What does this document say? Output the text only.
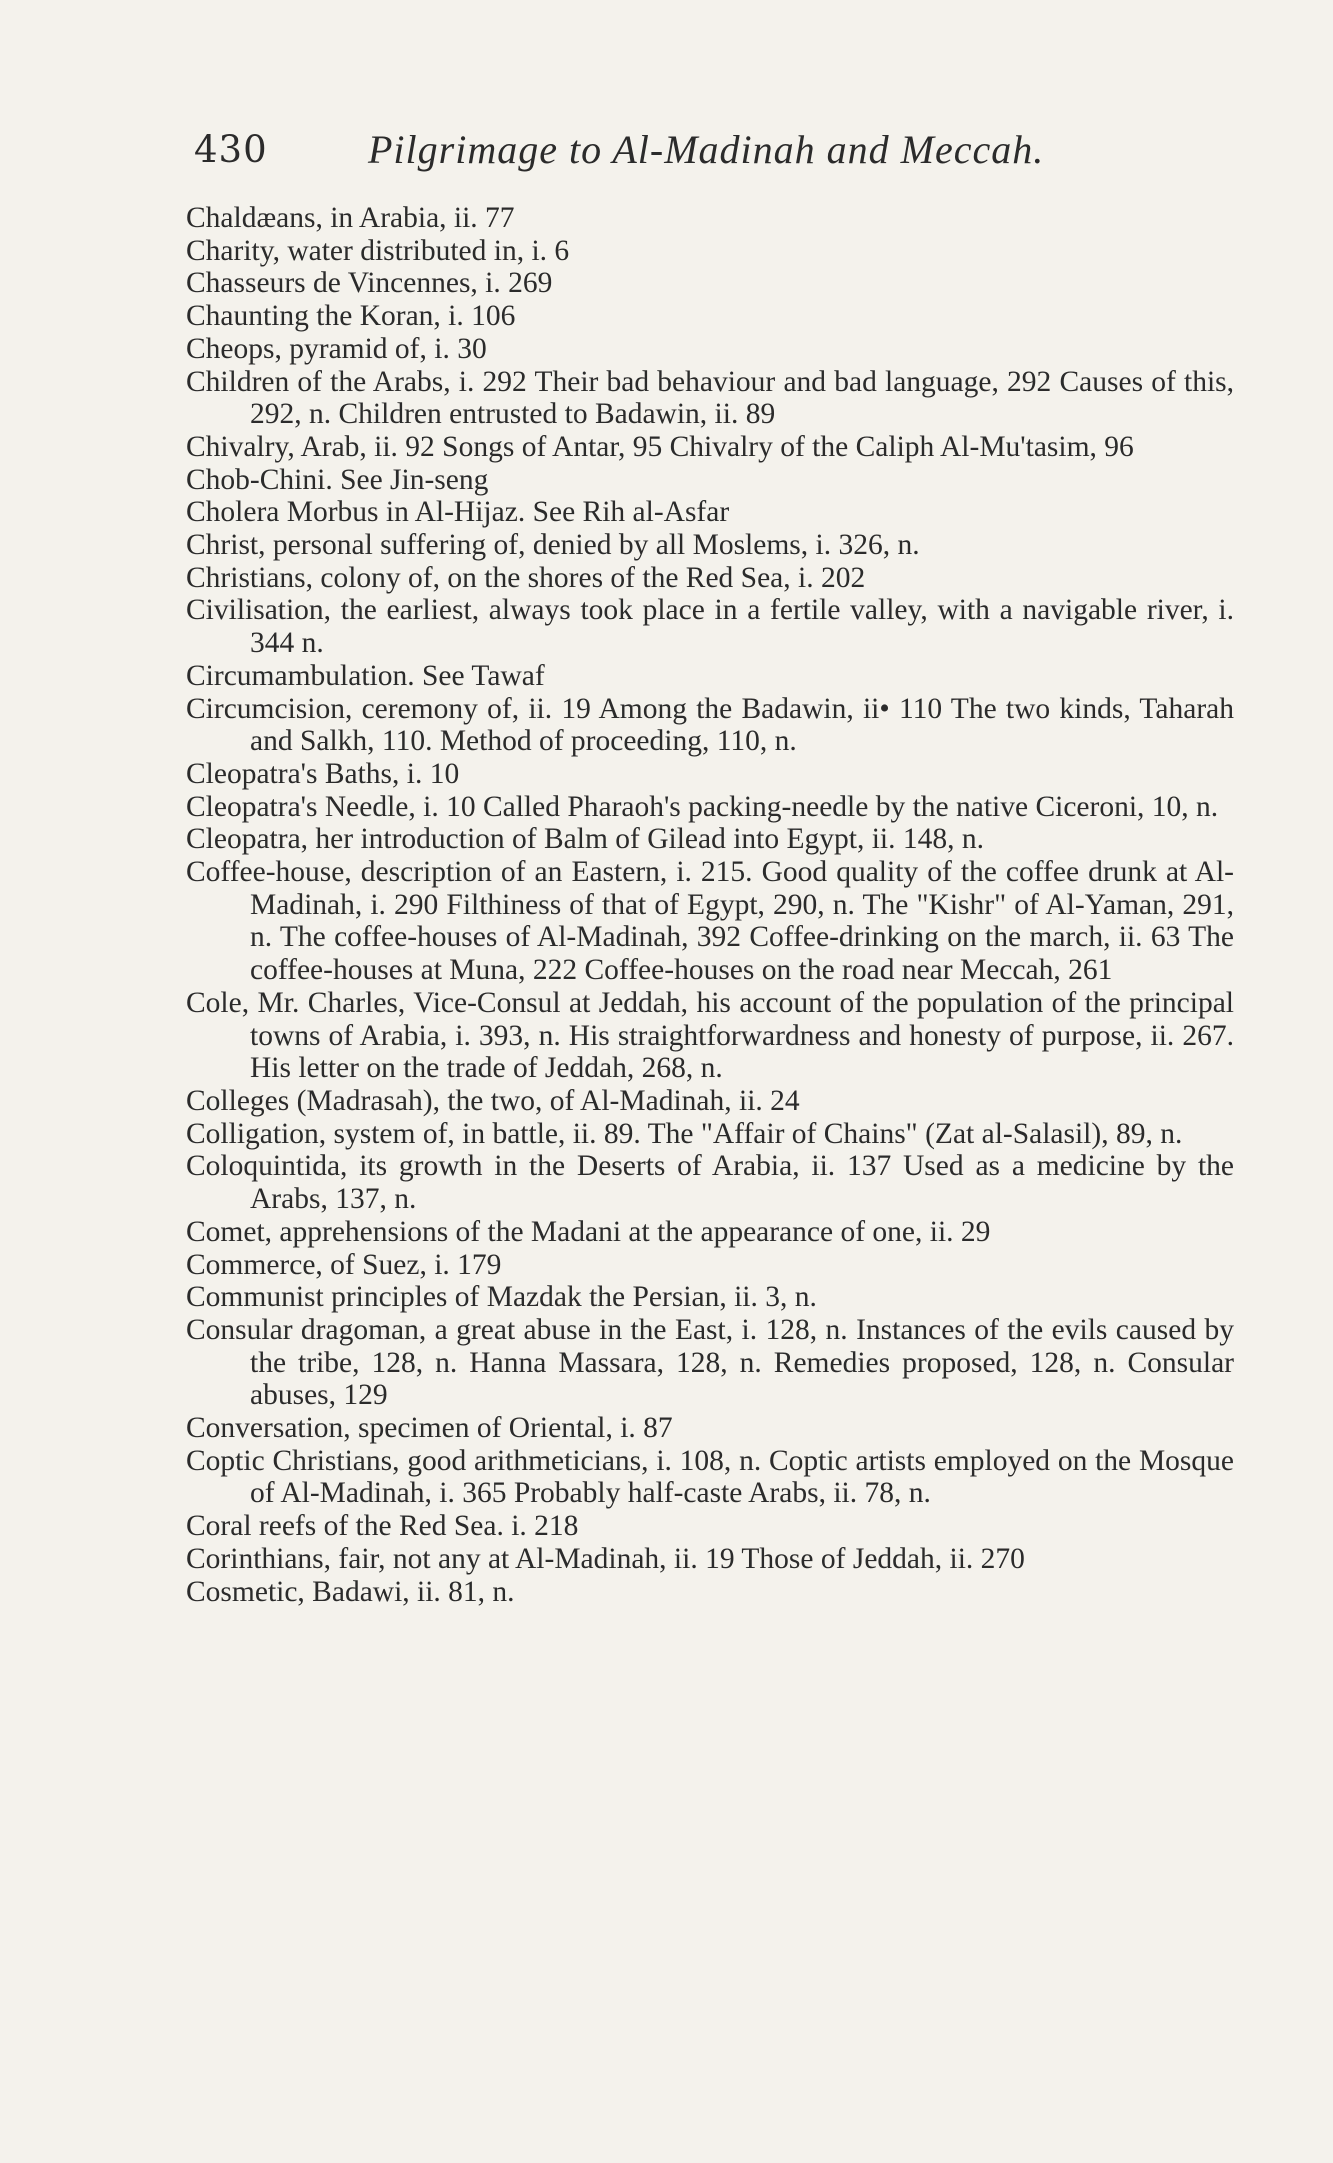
430	Pilgrimage to Al-Madinah and Meccah.
Chaldæans, in Arabia, ii. 77
Charity, water distributed in, i. 6
Chasseurs de Vincennes, i. 269
Chaunting the Koran, i. 106
Cheops, pyramid of, i. 30
Children of the Arabs, i. 292 Their bad behaviour and bad language, 292 Causes of this, 292, n. Children entrusted to Badawin, ii. 89
Chivalry, Arab, ii. 92 Songs of Antar, 95 Chivalry of the Caliph Al-Mu'tasim, 96
Chob-Chini. See Jin-seng
Cholera Morbus in Al-Hijaz. See Rih al-Asfar
Christ, personal suffering of, denied by all Moslems, i. 326, n.
Christians, colony of, on the shores of the Red Sea, i. 202
Civilisation, the earliest, always took place in a fertile valley, with a navigable river, i. 344 n.
Circumambulation. See Tawaf
Circumcision, ceremony of, ii. 19 Among the Badawin, ii• 110 The two kinds, Taharah and Salkh, 110. Method of proceeding, 110, n.
Cleopatra's Baths, i. 10
Cleopatra's Needle, i. 10 Called Pharaoh's packing-needle by the native Ciceroni, 10, n.
Cleopatra, her introduction of Balm of Gilead into Egypt, ii. 148, n.
Coffee-house, description of an Eastern, i. 215. Good quality of the coffee drunk at Al-Madinah, i. 290 Filthiness of that of Egypt, 290, n. The "Kishr" of Al-Yaman, 291, n. The coffee-houses of Al-Madinah, 392 Coffee-drinking on the march, ii. 63 The coffee-houses at Muna, 222 Coffee-houses on the road near Meccah, 261
Cole, Mr. Charles, Vice-Consul at Jeddah, his account of the population of the principal towns of Arabia, i. 393, n. His straightforwardness and honesty of purpose, ii. 267. His letter on the trade of Jeddah, 268, n.
Colleges (Madrasah), the two, of Al-Madinah, ii. 24
Colligation, system of, in battle, ii. 89. The "Affair of Chains" (Zat al-Salasil), 89, n.
Coloquintida, its growth in the Deserts of Arabia, ii. 137 Used as a medicine by the Arabs, 137, n.
Comet, apprehensions of the Madani at the appearance of one, ii. 29
Commerce, of Suez, i. 179
Communist principles of Mazdak the Persian, ii. 3, n.
Consular dragoman, a great abuse in the East, i. 128, n. Instances of the evils caused by the tribe, 128, n. Hanna Massara, 128, n. Remedies proposed, 128, n. Consular abuses, 129
Conversation, specimen of Oriental, i. 87
Coptic Christians, good arithmeticians, i. 108, n. Coptic artists employed on the Mosque of Al-Madinah, i. 365 Probably half-caste Arabs, ii. 78, n.
Coral reefs of the Red Sea. i. 218
Corinthians, fair, not any at Al-Madinah, ii. 19 Those of Jeddah, ii. 270
Cosmetic, Badawi, ii. 81, n.
